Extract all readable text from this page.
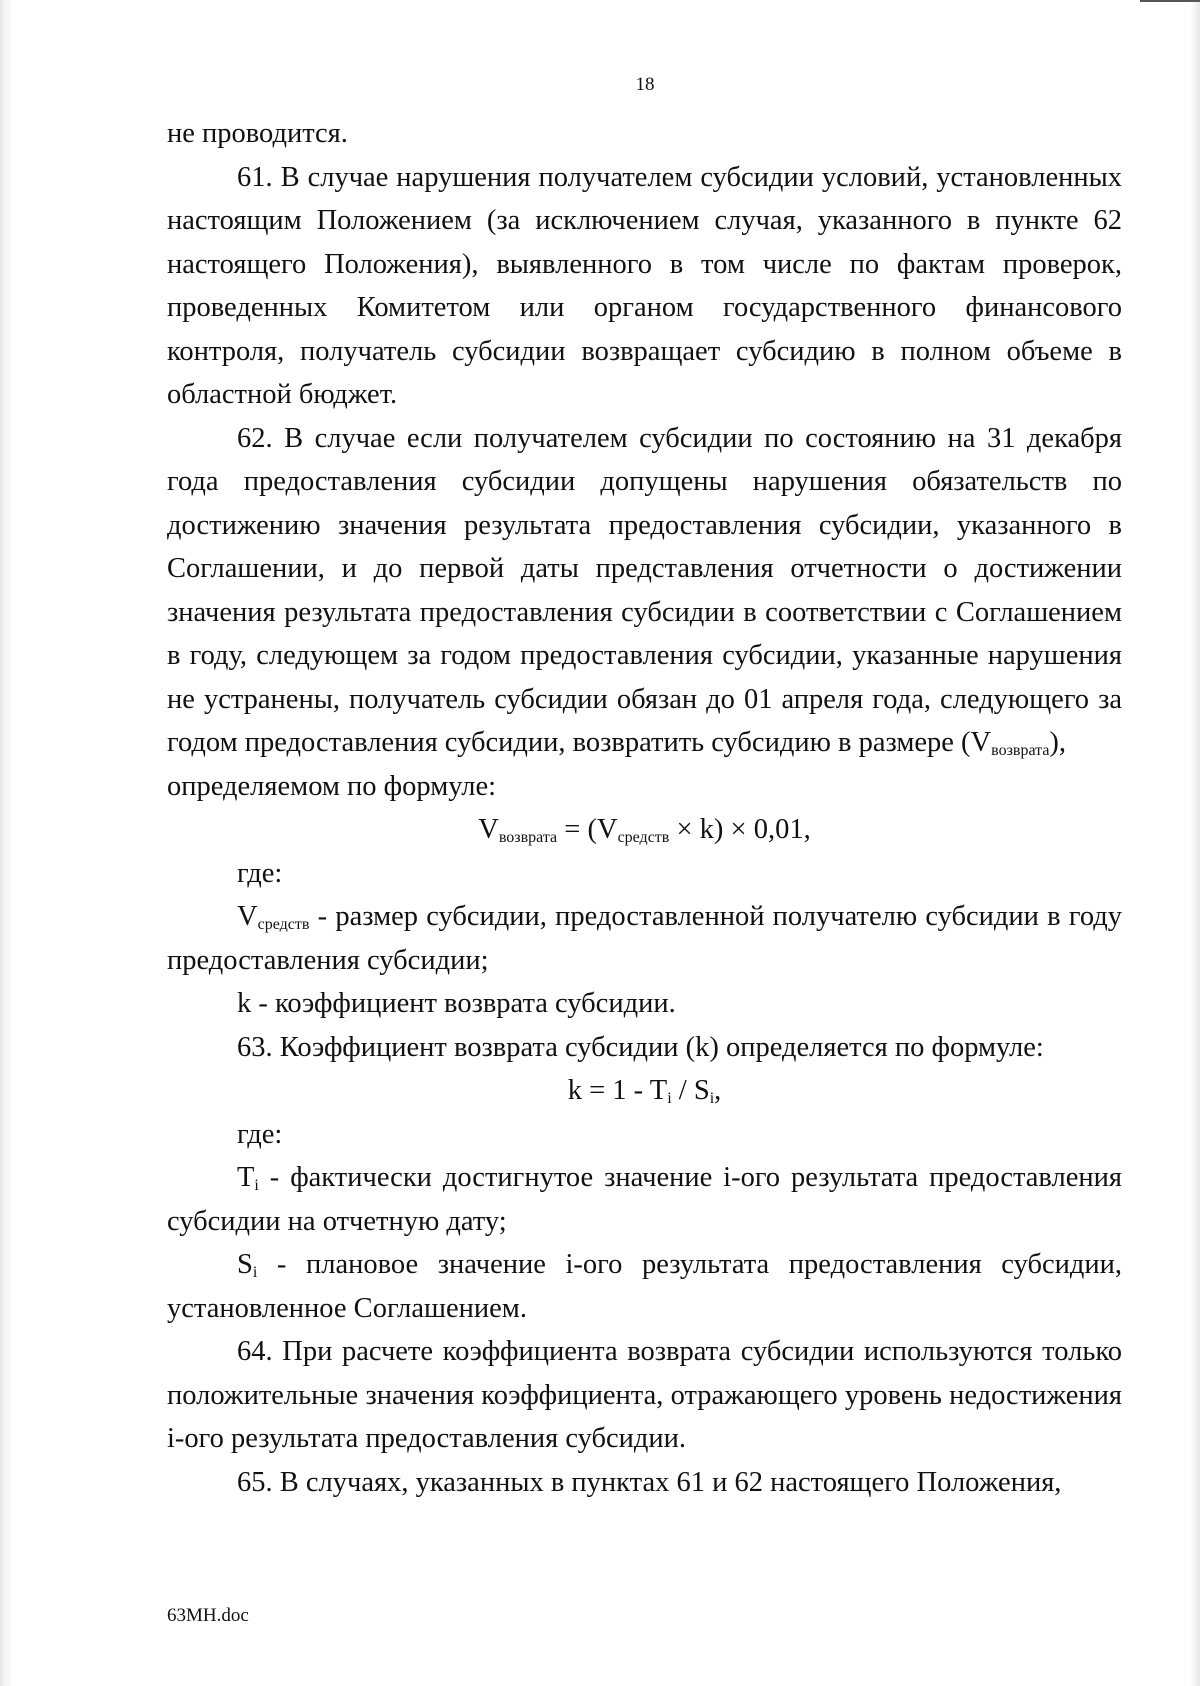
18

не проводится.

61. В случае нарушения получателем субсидии условий, установленных настоящим Положением (за исключением случая, указанного в пункте 62 настоящего Положения), выявленного в том числе по фактам проверок, проведенных Комитетом или органом государственного финансового контроля, получатель субсидии возвращает субсидию в полном объеме в областной бюджет.

62. В случае если получателем субсидии по состоянию на 31 декабря года предоставления субсидии допущены нарушения обязательств по достижению значения результата предоставления субсидии, указанного в Соглашении, и до первой даты представления отчетности о достижении значения результата предоставления субсидии в соответствии с Соглашением в году, следующем за годом предоставления субсидии, указанные нарушения не устранены, получатель субсидии обязан до 01 апреля года, следующего за годом предоставления субсидии, возвратить субсидию в размере $(V_{возврата})$,

определяемом по формуле:

$V_{возврата} = (V_{средств} \times k) \times 0,01$,

где:

$V_{средств}$ - размер субсидии, предоставленной получателю субсидии в году предоставления субсидии;

k - коэффициент возврата субсидии.

63. Коэффициент возврата субсидии (k) определяется по формуле:

$k = 1 - T_i / S_i$,

где:

$T_i$ - фактически достигнутое значение i-ого результата предоставления субсидии на отчетную дату;

$S_i$ - плановое значение i-ого результата предоставления субсидии, установленное Соглашением.

64. При расчете коэффициента возврата субсидии используются только положительные значения коэффициента, отражающего уровень недостижения i-ого результата предоставления субсидии.

65. В случаях, указанных в пунктах 61 и 62 настоящего Положения,

63МН.doc
